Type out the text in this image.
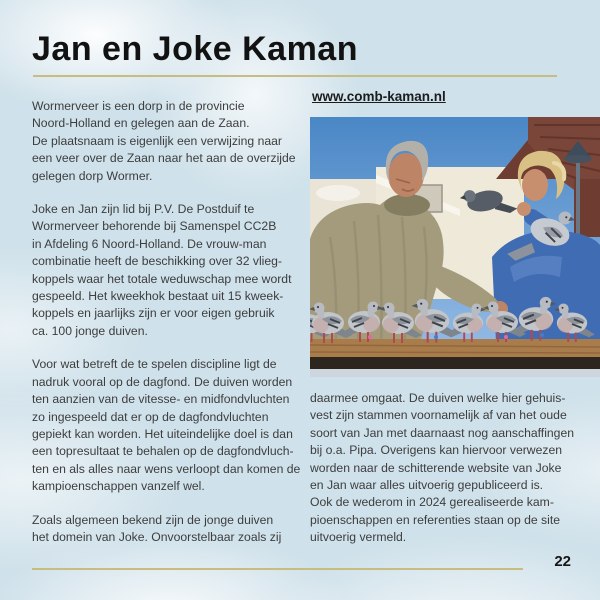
Jan en Joke Kaman
www.comb-kaman.nl

Wormerveer is een dorp in de provincie
Noord-Holland en gelegen aan de Zaan.
De plaatsnaam is eigenlijk een verwijzing naar
een veer over de Zaan naar het aan de overzijde
gelegen dorp Wormer.

Joke en Jan zijn lid bij P.V. De Postduif te
Wormerveer behorende bij Samenspel CC2B
in Afdeling 6 Noord-Holland. De vrouw-man
combinatie heeft de beschikking over 32 vlieg-
koppels waar het totale weduwschap mee wordt
gespeeld. Het kweekhok bestaat uit 15 kweek-
koppels en jaarlijks zijn er voor eigen gebruik
ca. 100 jonge duiven.

Voor wat betreft de te spelen discipline ligt de
nadruk vooral op de dagfond. De duiven worden
ten aanzien van de vitesse- en midfondvluchten
zo ingespeeld dat er op de dagfondvluchten
gepiekt kan worden. Het uiteindelijke doel is dan
een topresultaat te behalen op de dagfondvluch-
ten en als alles naar wens verloopt dan komen de
kampioenschappen vanzelf wel.

Zoals algemeen bekend zijn de jonge duiven
het domein van Joke. Onvoorstelbaar zoals zij

daarmee omgaat. De duiven welke hier gehuis-
vest zijn stammen voornamelijk af van het oude
soort van Jan met daarnaast nog aanschaffingen
bij o.a. Pipa. Overigens kan hiervoor verwezen
worden naar de schitterende website van Joke
en Jan waar alles uitvoerig gepubliceerd is.
Ook de wederom in 2024 gerealiseerde kam-
pioenschappen en referenties staan op de site
uitvoerig vermeld.

22
